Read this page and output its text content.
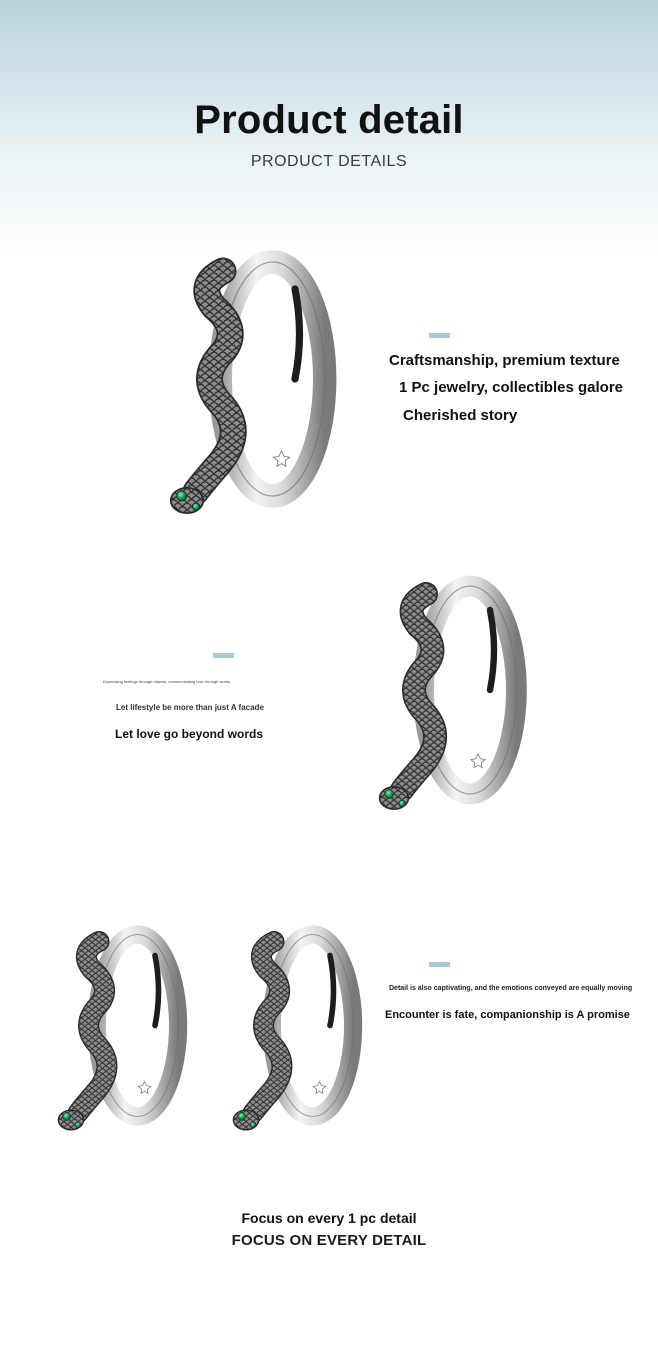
Product detail
PRODUCT DETAILS
Craftsmanship, premium texture
1 Pc jewelry, collectibles galore
Cherished story
Expressing feelings through objects, communicating love through words
Let lifestyle be more than just A facade
Let love go beyond words
Detail is also captivating, and the emotions conveyed are equally moving
Encounter is fate, companionship is A promise
Focus on every 1 pc detail
FOCUS ON EVERY DETAIL
